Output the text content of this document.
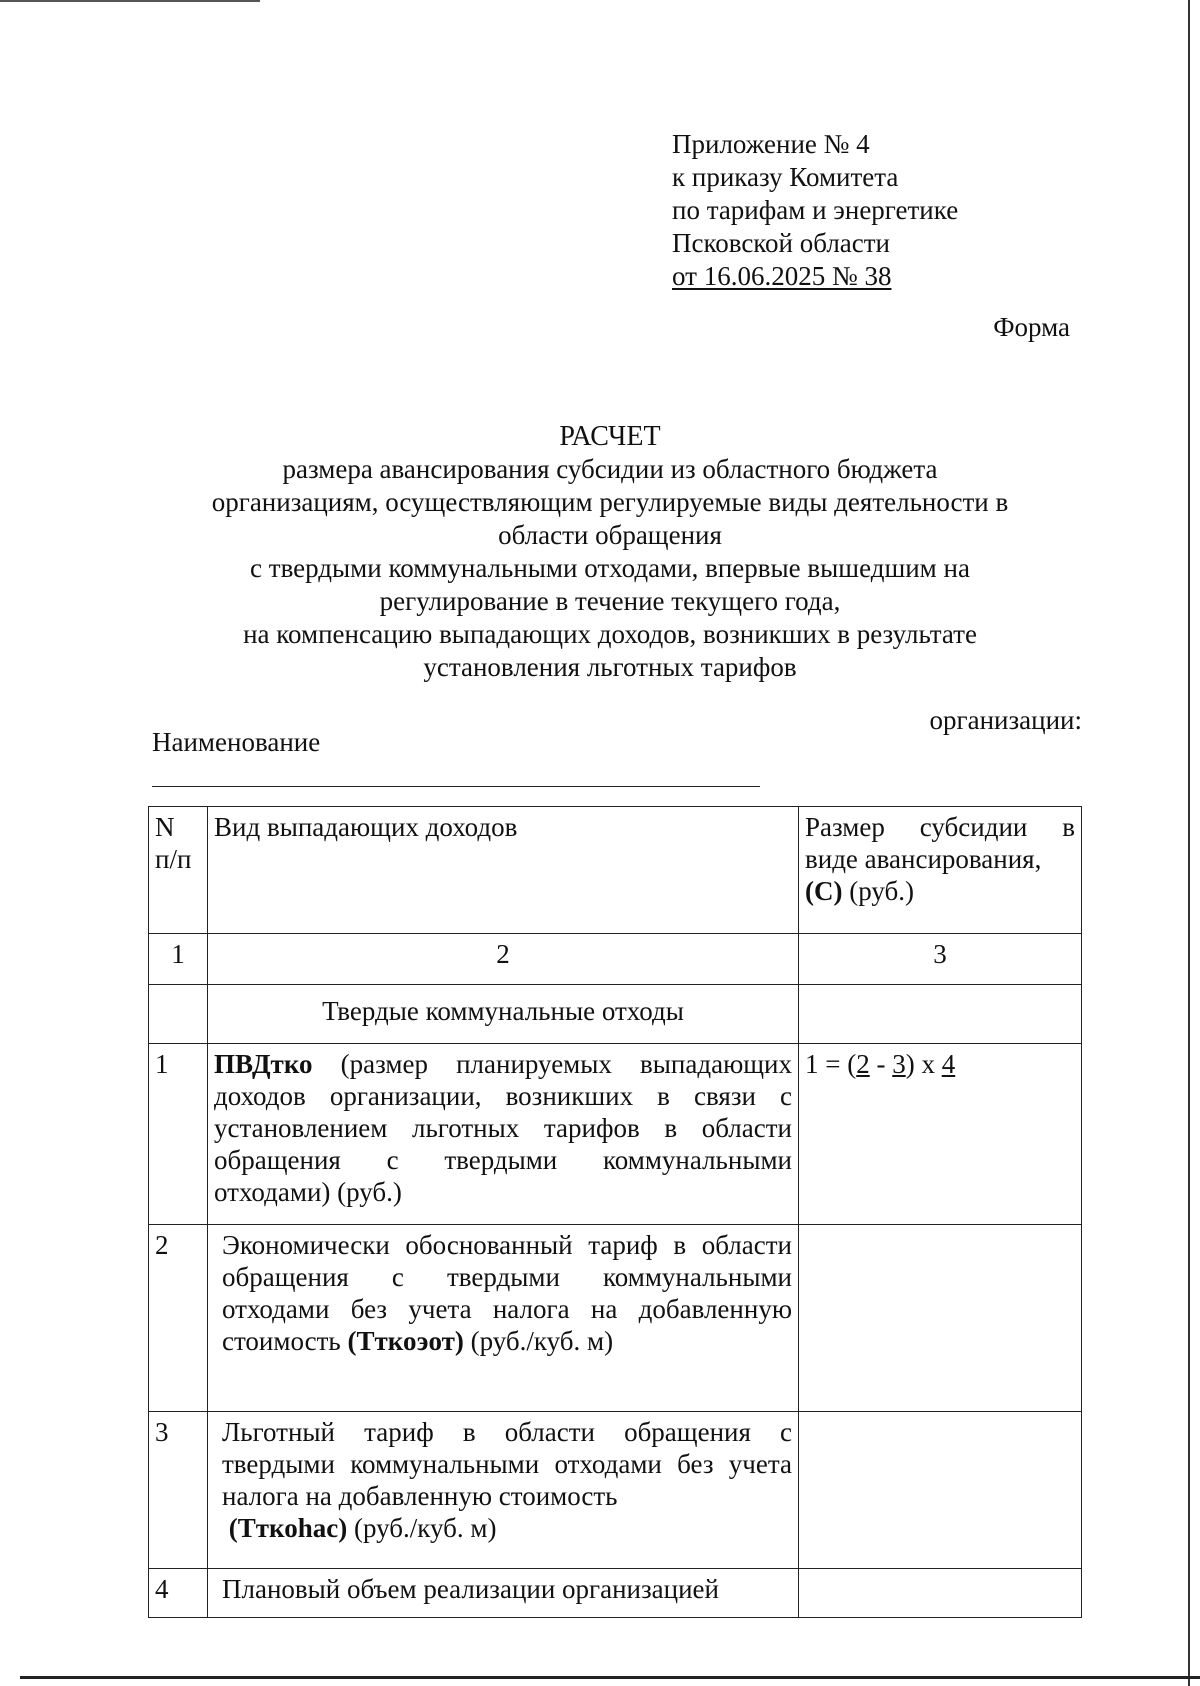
Приложение № 4
к приказу Комитета
по тарифам и энергетике
Псковской области
от 16.06.2025 № 38
Форма
РАСЧЕТ
размера авансирования субсидии из областного бюджета
организациям, осуществляющим регулируемые виды деятельности в
области обращения
с твердыми коммунальными отходами, впервые вышедшим на
регулирование в течение текущего года,
на компенсацию выпадающих доходов, возникших в результате
установления льготных тарифов
Наименование
организации:
N п/п	Вид выпадающих доходов	Размер субсидии в виде авансирования,
(С) (руб.)
1	2	3
	Твердые коммунальные отходы	
1	ПВДтко (размер планируемых выпадающих доходов организации, возникших в связи с установлением льготных тарифов в области обращения с твердыми коммунальными отходами) (руб.)	1 = (2 - 3) x 4
2	Экономически обоснованный тариф в области обращения с твердыми коммунальными отходами без учета налога на добавленную стоимость (Тткоэот) (руб./куб. м)	
3	Льготный тариф в области обращения с твердыми коммунальными отходами без учета налога на добавленную стоимость
(Тткоhас) (руб./куб. м)	
4	Плановый объем реализации организацией	
